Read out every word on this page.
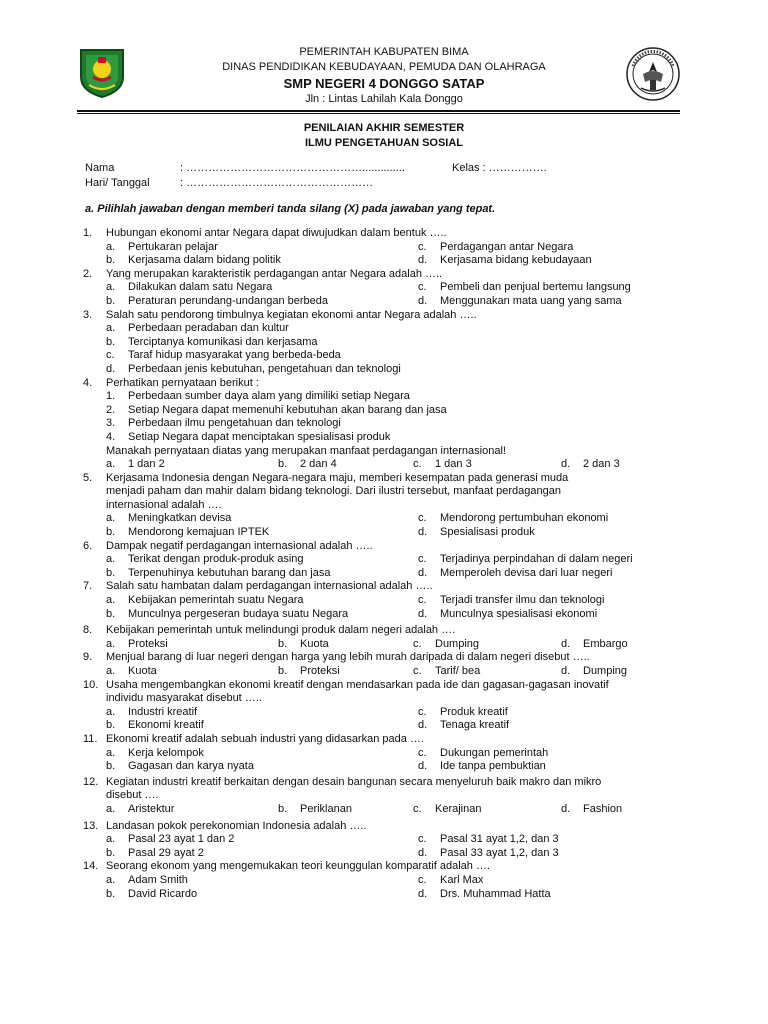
PEMERINTAH KABUPATEN BIMA
DINAS PENDIDIKAN KEBUDAYAAN, PEMUDA DAN OLAHRAGA
SMP NEGERI 4 DONGGO SATAP
Jln : Lintas Lahilah Kala Donggo
PENILAIAN AKHIR SEMESTER
ILMU PENGETAHUAN SOSIAL
Nama	: …………………………………………..............	Kelas : …………….
Hari/ Tanggal	: ……………………………………………
a. Pilihlah jawaban dengan memberi tanda silang (X) pada jawaban yang tepat.
1.	Hubungan ekonomi antar Negara dapat diwujudkan dalam bentuk …..
a. Pertukaran pelajar	c. Perdagangan antar Negara
b. Kerjasama dalam bidang politik	d. Kerjasama bidang kebudayaan
2.	Yang merupakan karakteristik perdagangan antar Negara adalah …..
a. Dilakukan dalam satu Negara	c. Pembeli dan penjual bertemu langsung
b. Peraturan perundang-undangan berbeda	d. Menggunakan mata uang yang sama
3.	Salah satu pendorong timbulnya kegiatan ekonomi antar Negara adalah …..
a. Perbedaan peradaban dan kultur
b. Terciptanya komunikasi dan kerjasama
c. Taraf hidup masyarakat yang berbeda-beda
d. Perbedaan jenis kebutuhan, pengetahuan dan teknologi
4.	Perhatikan pernyataan berikut :
1. Perbedaan sumber daya alam yang dimiliki setiap Negara
2. Setiap Negara dapat memenuhi kebutuhan akan barang dan jasa
3. Perbedaan ilmu pengetahuan dan teknologi
4. Setiap Negara dapat menciptakan spesialisasi produk
Manakah pernyataan diatas yang merupakan manfaat perdagangan internasional!
a. 1 dan 2	b. 2 dan 4	c. 1 dan 3	d. 2 dan 3
5.	Kerjasama Indonesia dengan Negara-negara maju, memberi kesempatan pada generasi muda
menjadi paham dan mahir dalam bidang teknologi. Dari ilustri tersebut, manfaat perdagangan
internasional adalah ….
a. Meningkatkan devisa	c. Mendorong pertumbuhan ekonomi
b. Mendorong kemajuan IPTEK	d. Spesialisasi produk
6.	Dampak negatif perdagangan internasional adalah …..
a. Terikat dengan produk-produk asing	c. Terjadinya perpindahan di dalam negeri
b. Terpenuhinya kebutuhan barang dan jasa	d. Memperoleh devisa dari luar negeri
7.	Salah satu hambatan dalam perdagangan internasional adalah …..
a. Kebijakan pemerintah suatu Negara	c. Terjadi transfer ilmu dan teknologi
b. Munculnya pergeseran budaya suatu Negara	d. Munculnya spesialisasi ekonomi
8.	Kebijakan pemerintah untuk melindungi produk dalam negeri adalah ….
a. Proteksi	b. Kuota	c. Dumping	d. Embargo
9.	Menjual barang di luar negeri dengan harga yang lebih murah daripada di dalam negeri disebut …..
a. Kuota	b. Proteksi	c. Tarif/ bea	d. Dumping
10. Usaha mengembangkan ekonomi kreatif dengan mendasarkan pada ide dan gagasan-gagasan inovatif
individu masyarakat disebut …..
a. Industri kreatif	c. Produk kreatif
b. Ekonomi kreatif	d. Tenaga kreatif
11. Ekonomi kreatif adalah sebuah industri yang didasarkan pada ….
a. Kerja kelompok	c. Dukungan pemerintah
b. Gagasan dan karya nyata	d. Ide tanpa pembuktian
12. Kegiatan industri kreatif berkaitan dengan desain bangunan secara menyeluruh baik makro dan mikro
disebut ….
a. Aristektur	b. Periklanan	c. Kerajinan	d. Fashion
13. Landasan pokok perekonomian Indonesia adalah …..
a. Pasal 23 ayat 1 dan 2	c. Pasal 31 ayat 1,2, dan 3
b. Pasal 29 ayat 2	d. Pasal 33 ayat 1,2, dan 3
14. Seorang ekonom yang mengemukakan teori keunggulan komparatif adalah ….
a. Adam Smith	c. Karl Max
b. David Ricardo	d. Drs. Muhammad Hatta
